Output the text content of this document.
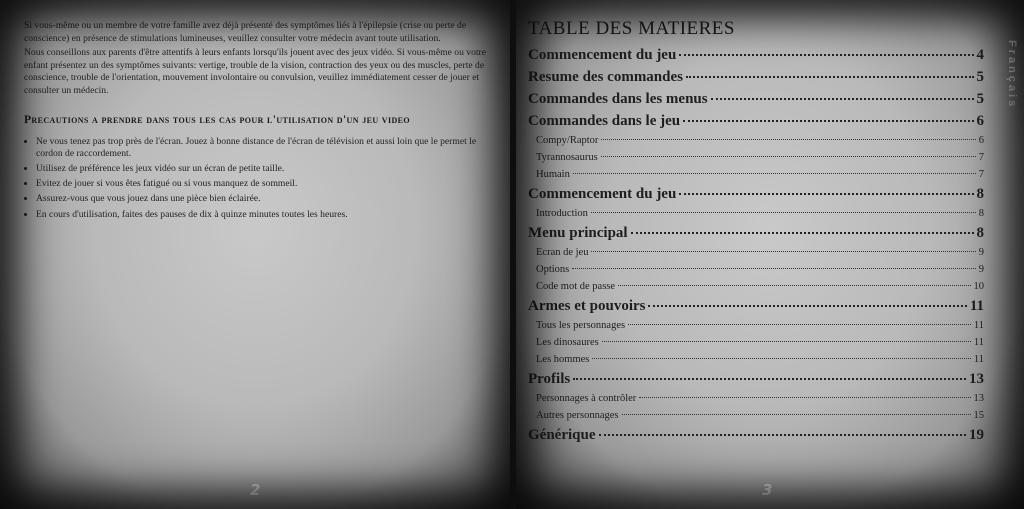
Si vous-même ou un membre de votre famille avez déjà présenté des symptômes liés à l'épilepsie (crise ou perte de conscience) en présence de stimulations lumineuses, veuillez consulter votre médecin avant toute utilisation.

Nous conseillons aux parents d'être attentifs à leurs enfants lorsqu'ils jouent avec des jeux vidéo. Si vous-même ou votre enfant présentez un des symptômes suivants: vertige, trouble de la vision, contraction des yeux ou des muscles, perte de conscience, trouble de l'orientation, mouvement involontaire ou convulsion, veuillez immédiatement cesser de jouer et consulter un médecin.

Precautions a prendre dans tous les cas pour l'utilisation d'un jeu video
• Ne vous tenez pas trop près de l'écran. Jouez à bonne distance de l'écran de télévision et aussi loin que le permet le cordon de raccordement.
• Utilisez de préférence les jeux vidéo sur un écran de petite taille.
• Evitez de jouer si vous êtes fatigué ou si vous manquez de sommeil.
• Assurez-vous que vous jouez dans une pièce bien éclairée.
• En cours d'utilisation, faites des pauses de dix à quinze minutes toutes les heures.
2
TABLE DES MATIERES
Commencement du jeu	4
Resume des commandes	5
Commandes dans les menus	5
Commandes dans le jeu	6
Compy/Raptor	6
Tyrannosaurus	7
Humain	7
Commencement du jeu	8
Introduction	8
Menu principal	8
Ecran de jeu	9
Options	9
Code mot de passe	10
Armes et pouvoirs	11
Tous les personnages	11
Les dinosaures	11
Les hommes	11
Profils	13
Personnages à contrôler	13
Autres personnages	15
Générique	19
Français
3
